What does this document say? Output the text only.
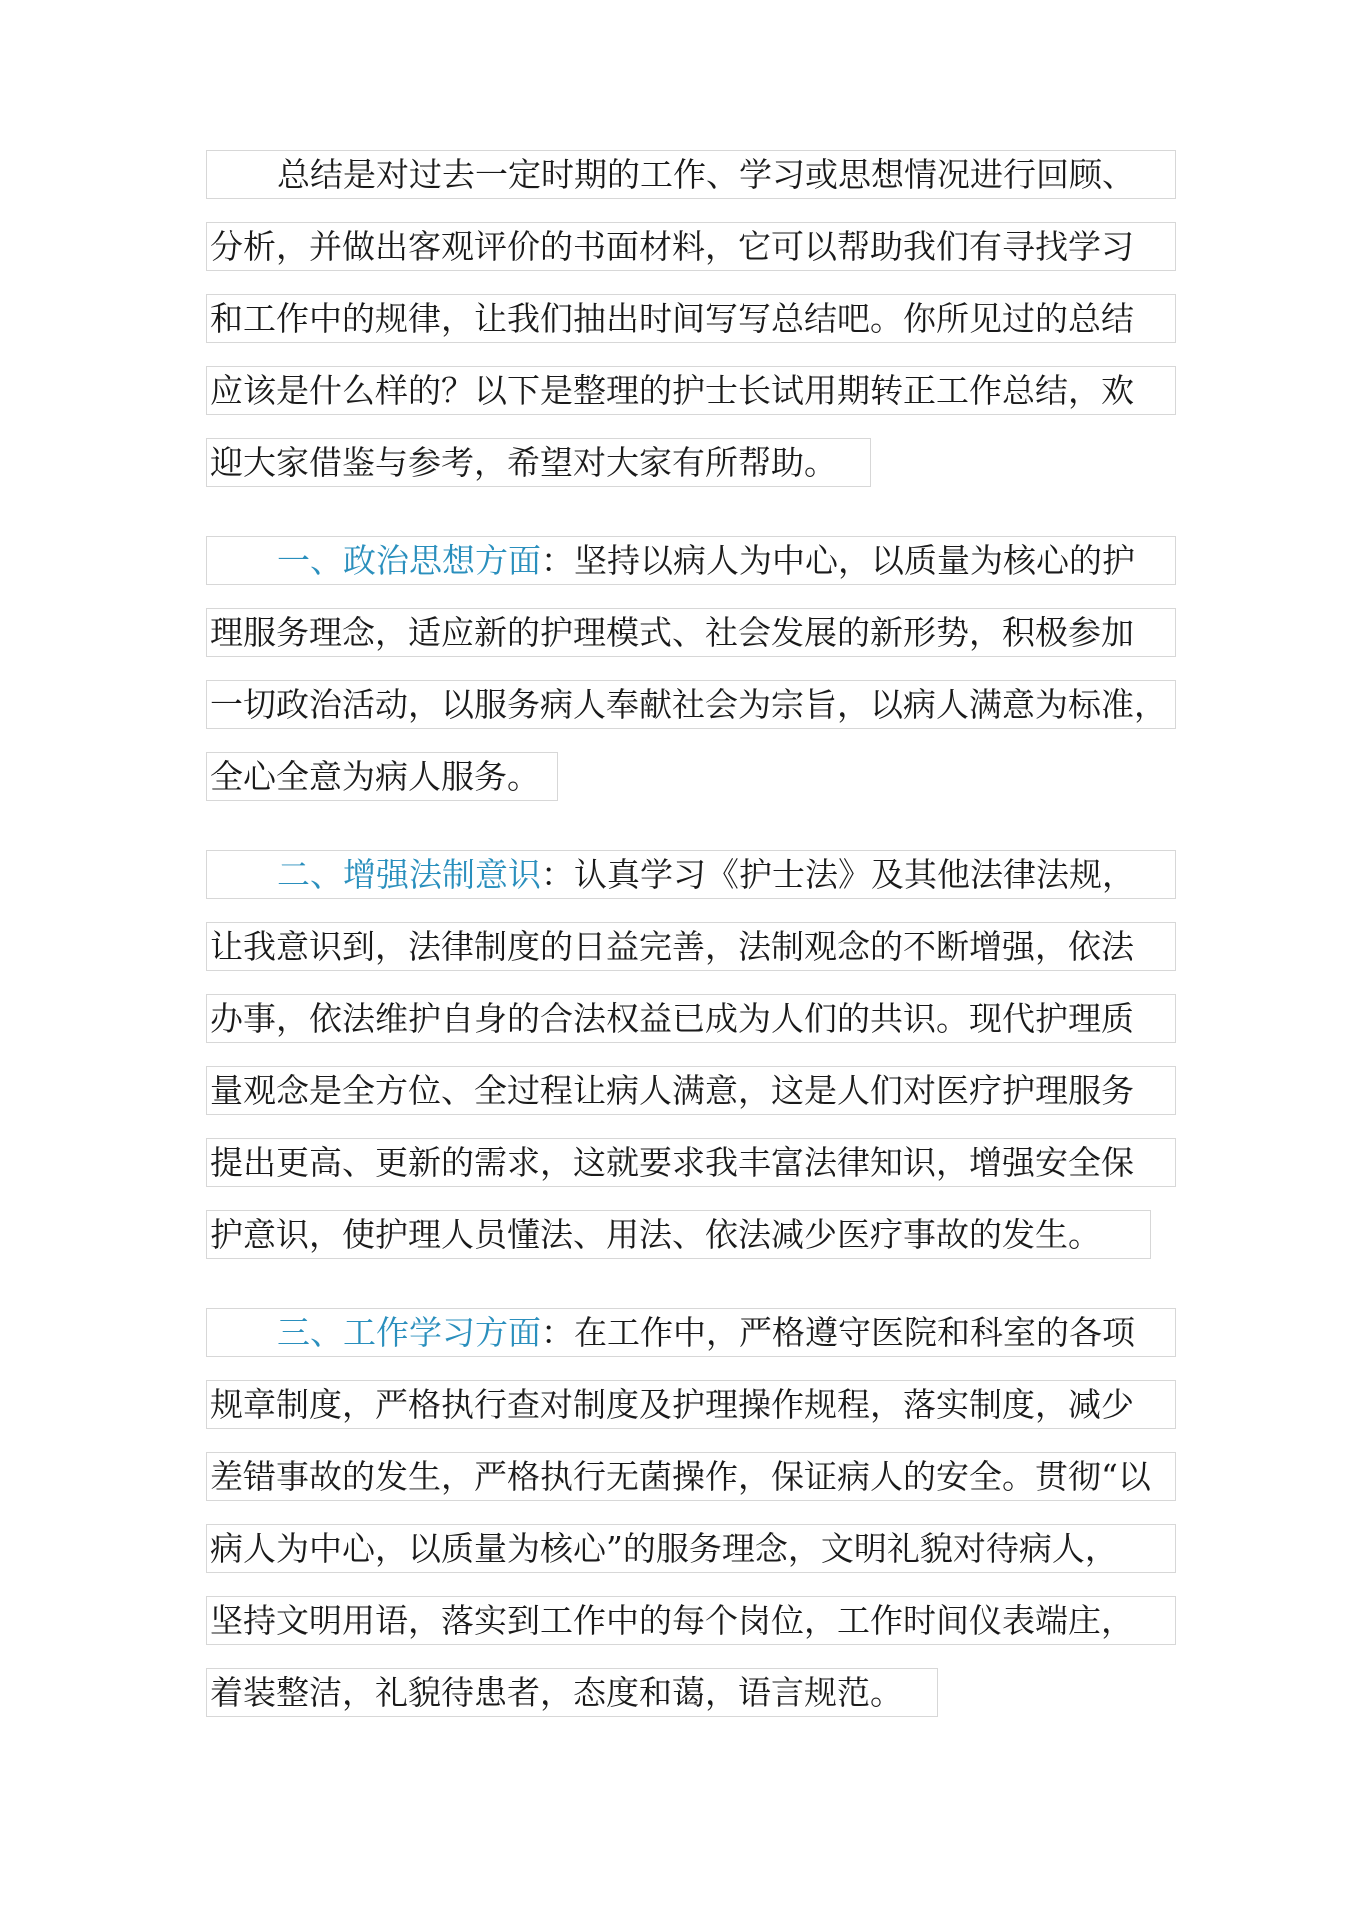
总结是对过去一定时期的工作、学习或思想情况进行回顾、
分析，并做出客观评价的书面材料，它可以帮助我们有寻找学习
和工作中的规律，让我们抽出时间写写总结吧。你所见过的总结
应该是什么样的？以下是整理的护士长试用期转正工作总结，欢
迎大家借鉴与参考，希望对大家有所帮助。
一、政治思想方面：坚持以病人为中心，以质量为核心的护
理服务理念，适应新的护理模式、社会发展的新形势，积极参加
一切政治活动，以服务病人奉献社会为宗旨，以病人满意为标准，
全心全意为病人服务。
二、增强法制意识：认真学习《护士法》及其他法律法规，
让我意识到，法律制度的日益完善，法制观念的不断增强，依法
办事，依法维护自身的合法权益已成为人们的共识。现代护理质
量观念是全方位、全过程让病人满意，这是人们对医疗护理服务
提出更高、更新的需求，这就要求我丰富法律知识，增强安全保
护意识，使护理人员懂法、用法、依法减少医疗事故的发生。
三、工作学习方面：在工作中，严格遵守医院和科室的各项
规章制度，严格执行查对制度及护理操作规程，落实制度，减少
差错事故的发生，严格执行无菌操作，保证病人的安全。贯彻“以
病人为中心，以质量为核心”的服务理念，文明礼貌对待病人，
坚持文明用语，落实到工作中的每个岗位，工作时间仪表端庄，
着装整洁，礼貌待患者，态度和蔼，语言规范。
